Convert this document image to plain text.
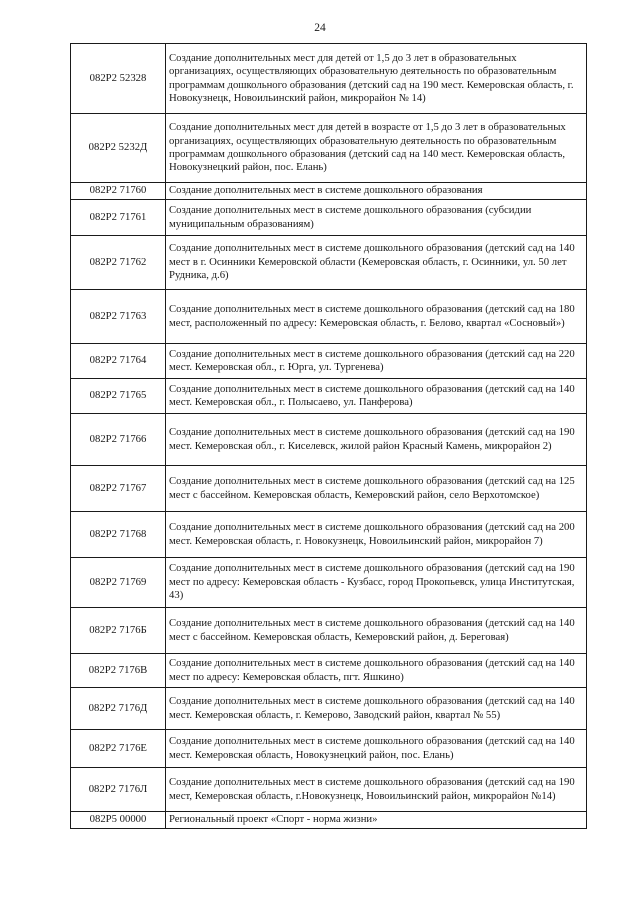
24
082P2 52328	Создание дополнительных мест для детей от 1,5 до 3 лет в образовательных организациях, осуществляющих образовательную деятельность по образовательным программам дошкольного образования (детский сад на 190 мест. Кемеровская область, г. Новокузнецк, Новоильинский район, микрорайон № 14)
082P2 5232Д	Создание дополнительных мест для детей в возрасте от 1,5 до 3 лет в образовательных организациях, осуществляющих образовательную деятельность по образовательным программам дошкольного образования (детский сад на 140 мест. Кемеровская область, Новокузнецкий район, пос. Елань)
082P2 71760	Создание дополнительных мест в системе дошкольного образования
082P2 71761	Создание дополнительных мест в системе дошкольного образования (субсидии муниципальным образованиям)
082P2 71762	Создание дополнительных мест в системе дошкольного образования (детский сад на 140 мест в г. Осинники Кемеровской области (Кемеровская область, г. Осинники, ул. 50 лет Рудника, д.6)
082P2 71763	Создание дополнительных мест в системе дошкольного образования (детский сад на 180 мест, расположенный по адресу: Кемеровская область, г. Белово, квартал «Сосновый»)
082P2 71764	Создание дополнительных мест в системе дошкольного образования (детский сад на 220 мест. Кемеровская обл., г. Юрга, ул. Тургенева)
082P2 71765	Создание дополнительных мест в системе дошкольного образования (детский сад на 140 мест. Кемеровская обл., г. Полысаево, ул. Панферова)
082P2 71766	Создание дополнительных мест в системе дошкольного образования (детский сад на 190 мест. Кемеровская обл., г. Киселевск, жилой район Красный Камень, микрорайон 2)
082P2 71767	Создание дополнительных мест в системе дошкольного образования (детский сад на 125 мест с бассейном. Кемеровская область, Кемеровский район, село Верхотомское)
082P2 71768	Создание дополнительных мест в системе дошкольного образования (детский сад на 200 мест. Кемеровская область, г. Новокузнецк, Новоильинский район, микрорайон 7)
082P2 71769	Создание дополнительных мест в системе дошкольного образования (детский сад на 190 мест по адресу: Кемеровская область - Кузбасс, город Прокопьевск, улица Институтская, 43)
082P2 7176Б	Создание дополнительных мест в системе дошкольного образования (детский сад на 140 мест с бассейном. Кемеровская область, Кемеровский район, д. Береговая)
082P2 7176В	Создание дополнительных мест в системе дошкольного образования (детский сад на 140 мест по адресу: Кемеровская область, пгт. Яшкино)
082P2 7176Д	Создание дополнительных мест в системе дошкольного образования (детский сад на 140 мест. Кемеровская область, г. Кемерово, Заводский район, квартал № 55)
082P2 7176Е	Создание дополнительных мест в системе дошкольного образования (детский сад на 140 мест. Кемеровская область, Новокузнецкий район, пос. Елань)
082P2 7176Л	Создание дополнительных мест в системе дошкольного образования (детский сад на 190 мест, Кемеровская область, г.Новокузнецк, Новоильинский район, микрорайон №14)
082P5 00000	Региональный проект «Спорт - норма жизни»
